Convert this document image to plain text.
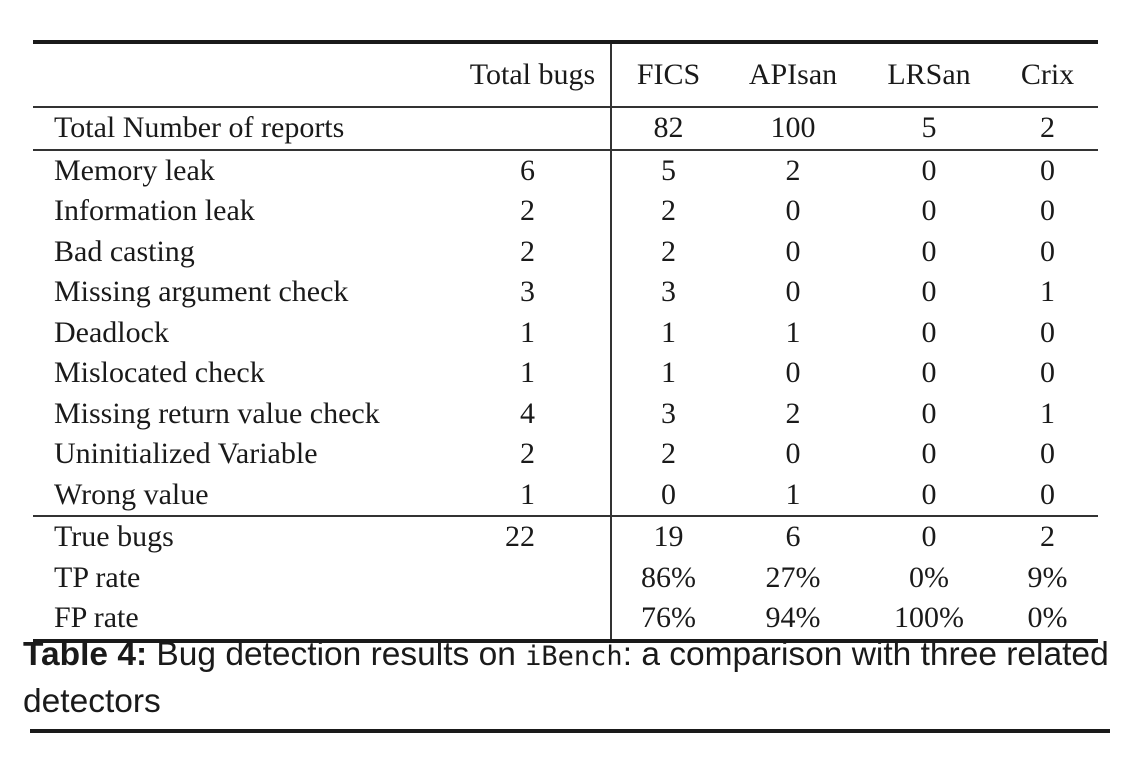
	Total bugs	FICS	APIsan	LRSan	Crix
Total Number of reports		82	100	5	2
Memory leak	6	5	2	0	0
Information leak	2	2	0	0	0
Bad casting	2	2	0	0	0
Missing argument check	3	3	0	0	1
Deadlock	1	1	1	0	0
Mislocated check	1	1	0	0	0
Missing return value check	4	3	2	0	1
Uninitialized Variable	2	2	0	0	0
Wrong value	1	0	1	0	0
True bugs	22	19	6	0	2
TP rate		86%	27%	0%	9%
FP rate		76%	94%	100%	0%
Table 4: Bug detection results on iBench: a comparison with three related detectors
